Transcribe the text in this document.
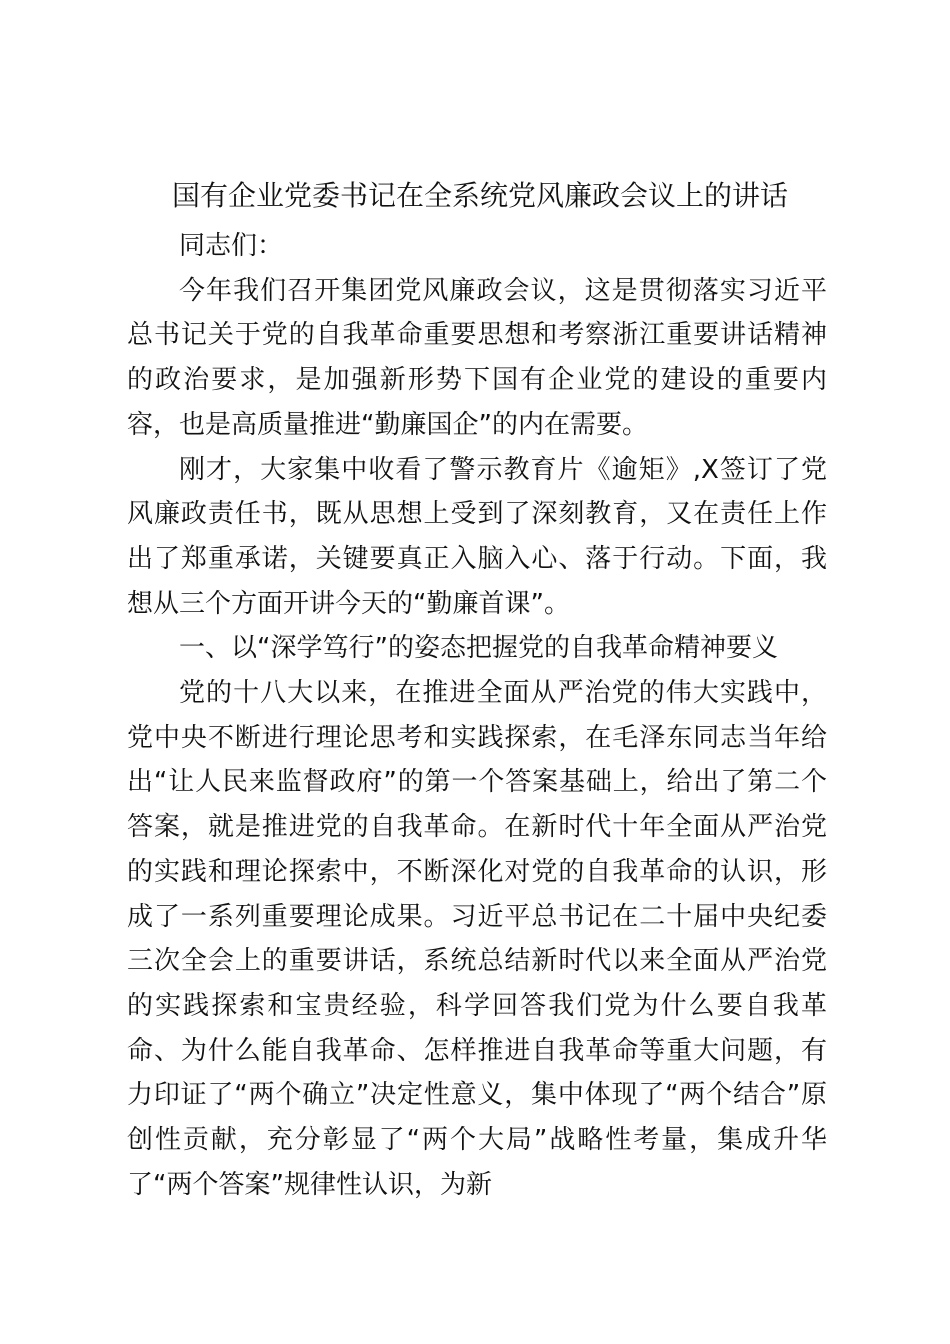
国有企业党委书记在全系统党风廉政会议上的讲话

同志们：

今年我们召开集团党风廉政会议，这是贯彻落实习近平总书记关于党的自我革命重要思想和考察浙江重要讲话精神的政治要求，是加强新形势下国有企业党的建设的重要内容，也是高质量推进“勤廉国企”的内在需要。

刚才，大家集中收看了警示教育片《逾矩》,X签订了党风廉政责任书，既从思想上受到了深刻教育，又在责任上作出了郑重承诺，关键要真正入脑入心、落于行动。下面，我想从三个方面开讲今天的“勤廉首课”。

一、以“深学笃行”的姿态把握党的自我革命精神要义

党的十八大以来，在推进全面从严治党的伟大实践中，党中央不断进行理论思考和实践探索，在毛泽东同志当年给出“让人民来监督政府”的第一个答案基础上，给出了第二个答案，就是推进党的自我革命。在新时代十年全面从严治党的实践和理论探索中，不断深化对党的自我革命的认识，形成了一系列重要理论成果。习近平总书记在二十届中央纪委三次全会上的重要讲话，系统总结新时代以来全面从严治党的实践探索和宝贵经验，科学回答我们党为什么要自我革命、为什么能自我革命、怎样推进自我革命等重大问题，有力印证了“两个确立”决定性意义，集中体现了“两个结合”原创性贡献，充分彰显了“两个大局”战略性考量，集成升华了“两个答案”规律性认识，为新
